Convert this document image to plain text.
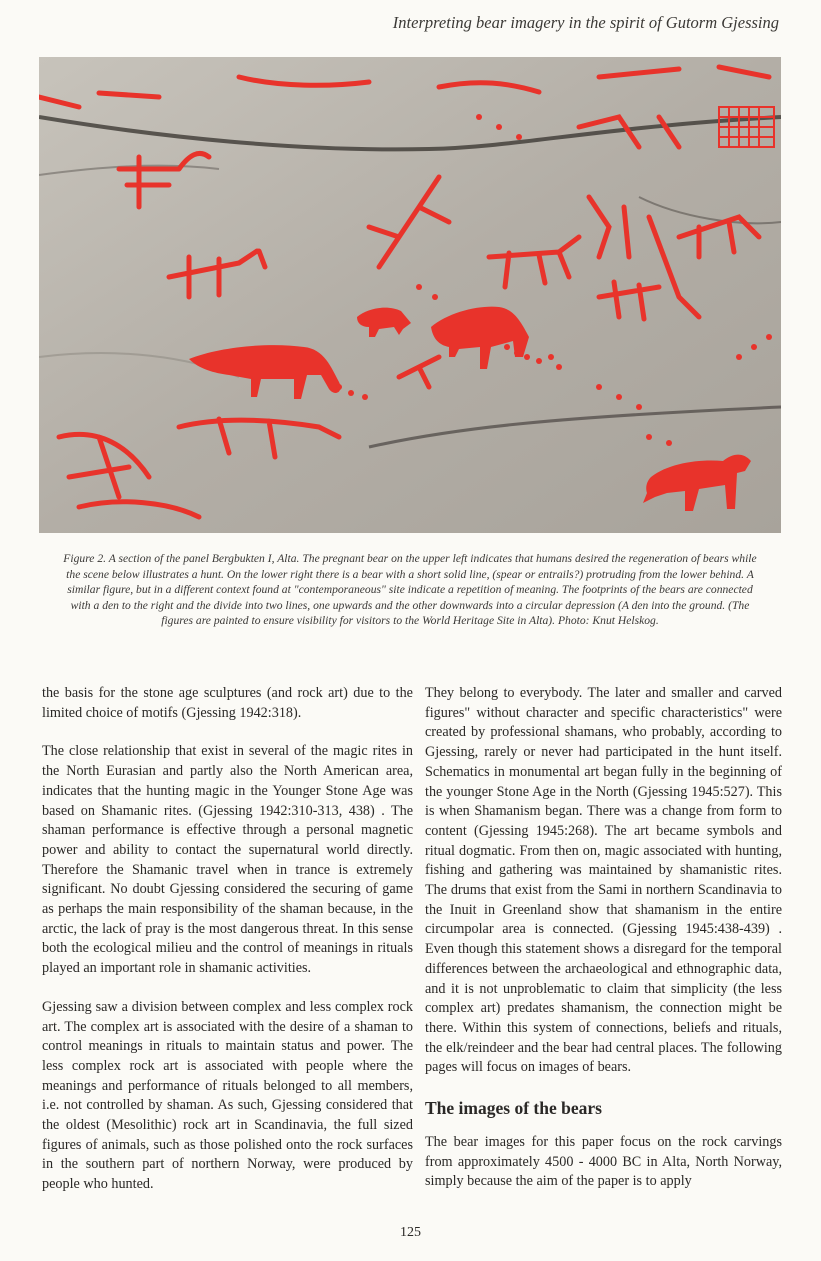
Interpreting bear imagery in the spirit of Gutorm Gjessing
Figure 2. A section of the panel Bergbukten I, Alta. The pregnant bear on the upper left indicates that humans desired the regeneration of bears while the scene below illustrates a hunt. On the lower right there is a bear with a short solid line, (spear or entrails?) protruding from the lower behind. A similar figure, but in a different context found at "contemporaneous" site indicate a repetition of meaning. The footprints of the bears are connected with a den to the right and the divide into two lines, one upwards and the other downwards into a circular depression (A den into the ground. (The figures are painted to ensure visibility for visitors to the World Heritage Site in Alta). Photo: Knut Helskog.

the basis for the stone age sculptures (and rock art) due to the limited choice of motifs (Gjessing 1942:318).

The close relationship that exist in several of the magic rites in the North Eurasian and partly also the North American area, indicates that the hunting magic in the Younger Stone Age was based on Shamanic rites. (Gjessing 1942:310-313, 438) . The shaman performance is effective through a personal magnetic power and ability to contact the supernatural world directly. Therefore the Shamanic travel when in trance is extremely significant. No doubt Gjessing considered the securing of game as perhaps the main responsibility of the shaman because, in the arctic, the lack of pray is the most dangerous threat. In this sense both the ecological milieu and the control of meanings in rituals played an important role in shamanic activities.

Gjessing saw a division between complex and less complex rock art. The complex art is associated with the desire of a shaman to control meanings in rituals to maintain status and power. The less complex rock art is associated with people where the meanings and performance of rituals belonged to all members, i.e. not controlled by shaman. As such, Gjessing considered that the oldest (Mesolithic) rock art in Scandinavia, the full sized figures of animals, such as those polished onto the rock surfaces in the southern part of northern Norway, were produced by people who hunted.

They belong to everybody. The later and smaller and carved figures" without character and specific characteristics" were created by professional shamans, who probably, according to Gjessing, rarely or never had participated in the hunt itself. Schematics in monumental art began fully in the beginning of the younger Stone Age in the North (Gjessing 1945:527). This is when Shamanism began. There was a change from form to content (Gjessing 1945:268). The art became symbols and ritual dogmatic. From then on, magic associated with hunting, fishing and gathering was maintained by shamanistic rites. The drums that exist from the Sami in northern Scandinavia to the Inuit in Greenland show that shamanism in the entire circumpolar area is connected. (Gjessing 1945:438-439) . Even though this statement shows a disregard for the temporal differences between the archaeological and ethnographic data, and it is not unproblematic to claim that simplicity (the less complex art) predates shamanism, the connection might be there. Within this system of connections, beliefs and rituals, the elk/reindeer and the bear had central places. The following pages will focus on images of bears.

The images of the bears

The bear images for this paper focus on the rock carvings from approximately 4500 - 4000 BC in Alta, North Norway, simply because the aim of the paper is to apply

125
